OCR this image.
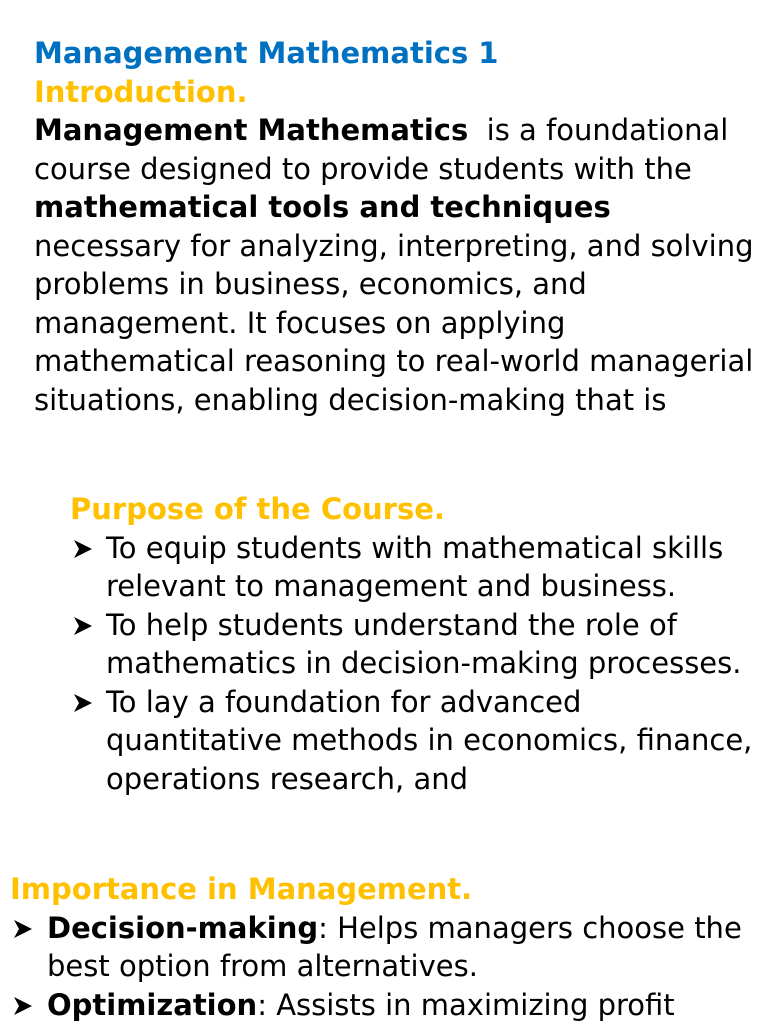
Management Mathematics 1
Introduction.
Management Mathematics  is a foundational course designed to provide students with the mathematical tools and techniques necessary for analyzing, interpreting, and solving problems in business, economics, and management. It focuses on applying mathematical reasoning to real-world managerial situations, enabling decision-making that is
Purpose of the Course.
To equip students with mathematical skills relevant to management and business.
To help students understand the role of mathematics in decision-making processes.
To lay a foundation for advanced quantitative methods in economics, finance, operations research, and
Importance in Management.
Decision-making: Helps managers choose the best option from alternatives.
Optimization: Assists in maximizing profit
